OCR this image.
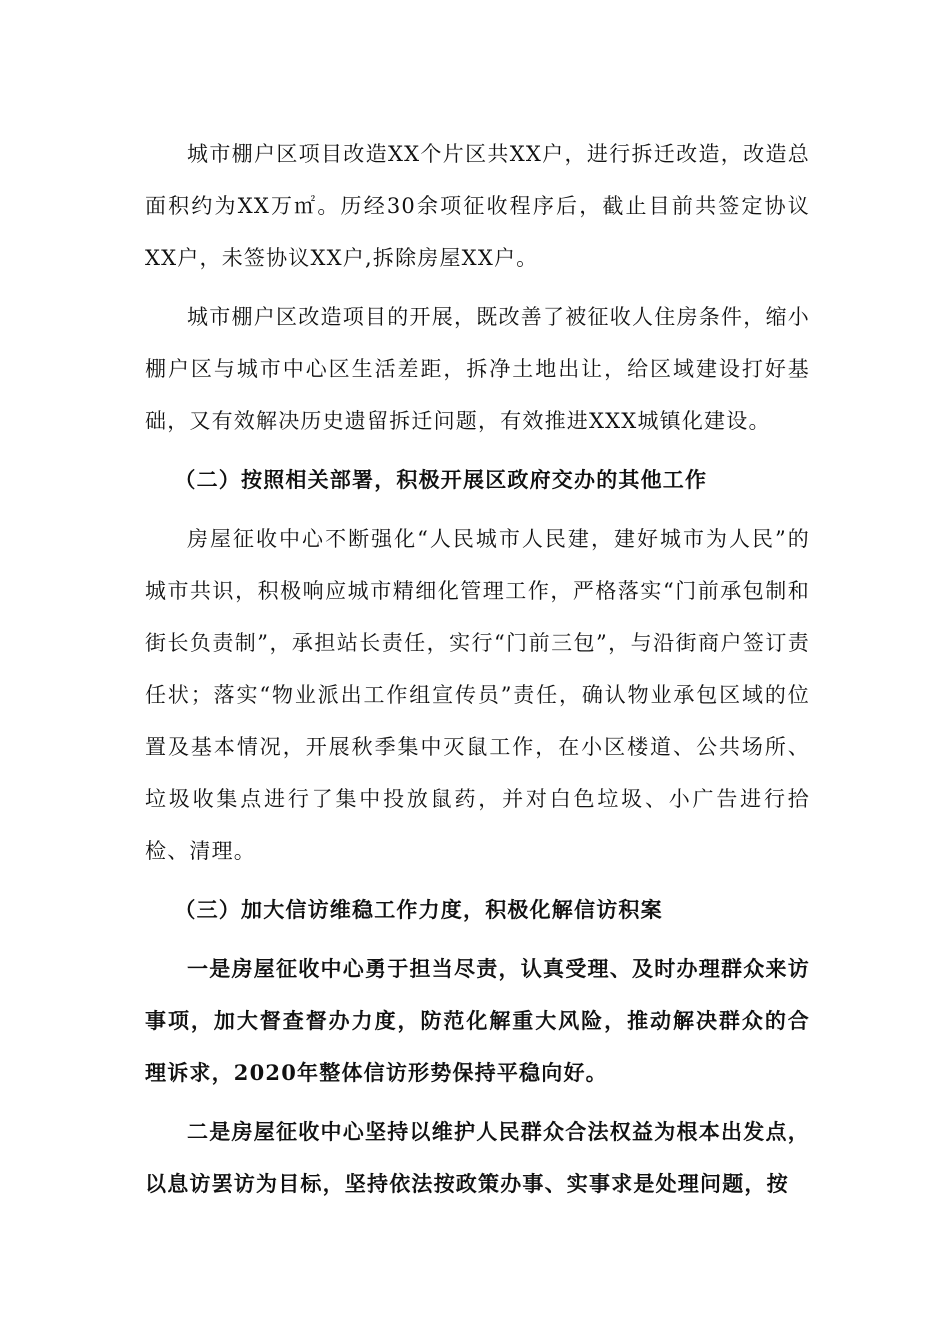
城市棚户区项目改造XX个片区共XX户，进行拆迁改造，改造总面积约为XX万㎡。历经30余项征收程序后，截止目前共签定协议XX户，未签协议XX户,拆除房屋XX户。

城市棚户区改造项目的开展，既改善了被征收人住房条件，缩小棚户区与城市中心区生活差距，拆净土地出让，给区域建设打好基础，又有效解决历史遗留拆迁问题，有效推进XXX城镇化建设。

（二）按照相关部署，积极开展区政府交办的其他工作

房屋征收中心不断强化“人民城市人民建，建好城市为人民”的城市共识，积极响应城市精细化管理工作，严格落实“门前承包制和街长负责制”，承担站长责任，实行“门前三包”，与沿街商户签订责任状；落实“物业派出工作组宣传员”责任，确认物业承包区域的位置及基本情况，开展秋季集中灭鼠工作，在小区楼道、公共场所、垃圾收集点进行了集中投放鼠药，并对白色垃圾、小广告进行拾检、清理。

（三）加大信访维稳工作力度，积极化解信访积案

一是房屋征收中心勇于担当尽责，认真受理、及时办理群众来访事项，加大督查督办力度，防范化解重大风险，推动解决群众的合理诉求，2020年整体信访形势保持平稳向好。

二是房屋征收中心坚持以维护人民群众合法权益为根本出发点，以息访罢访为目标，坚持依法按政策办事、实事求是处理问题，按
